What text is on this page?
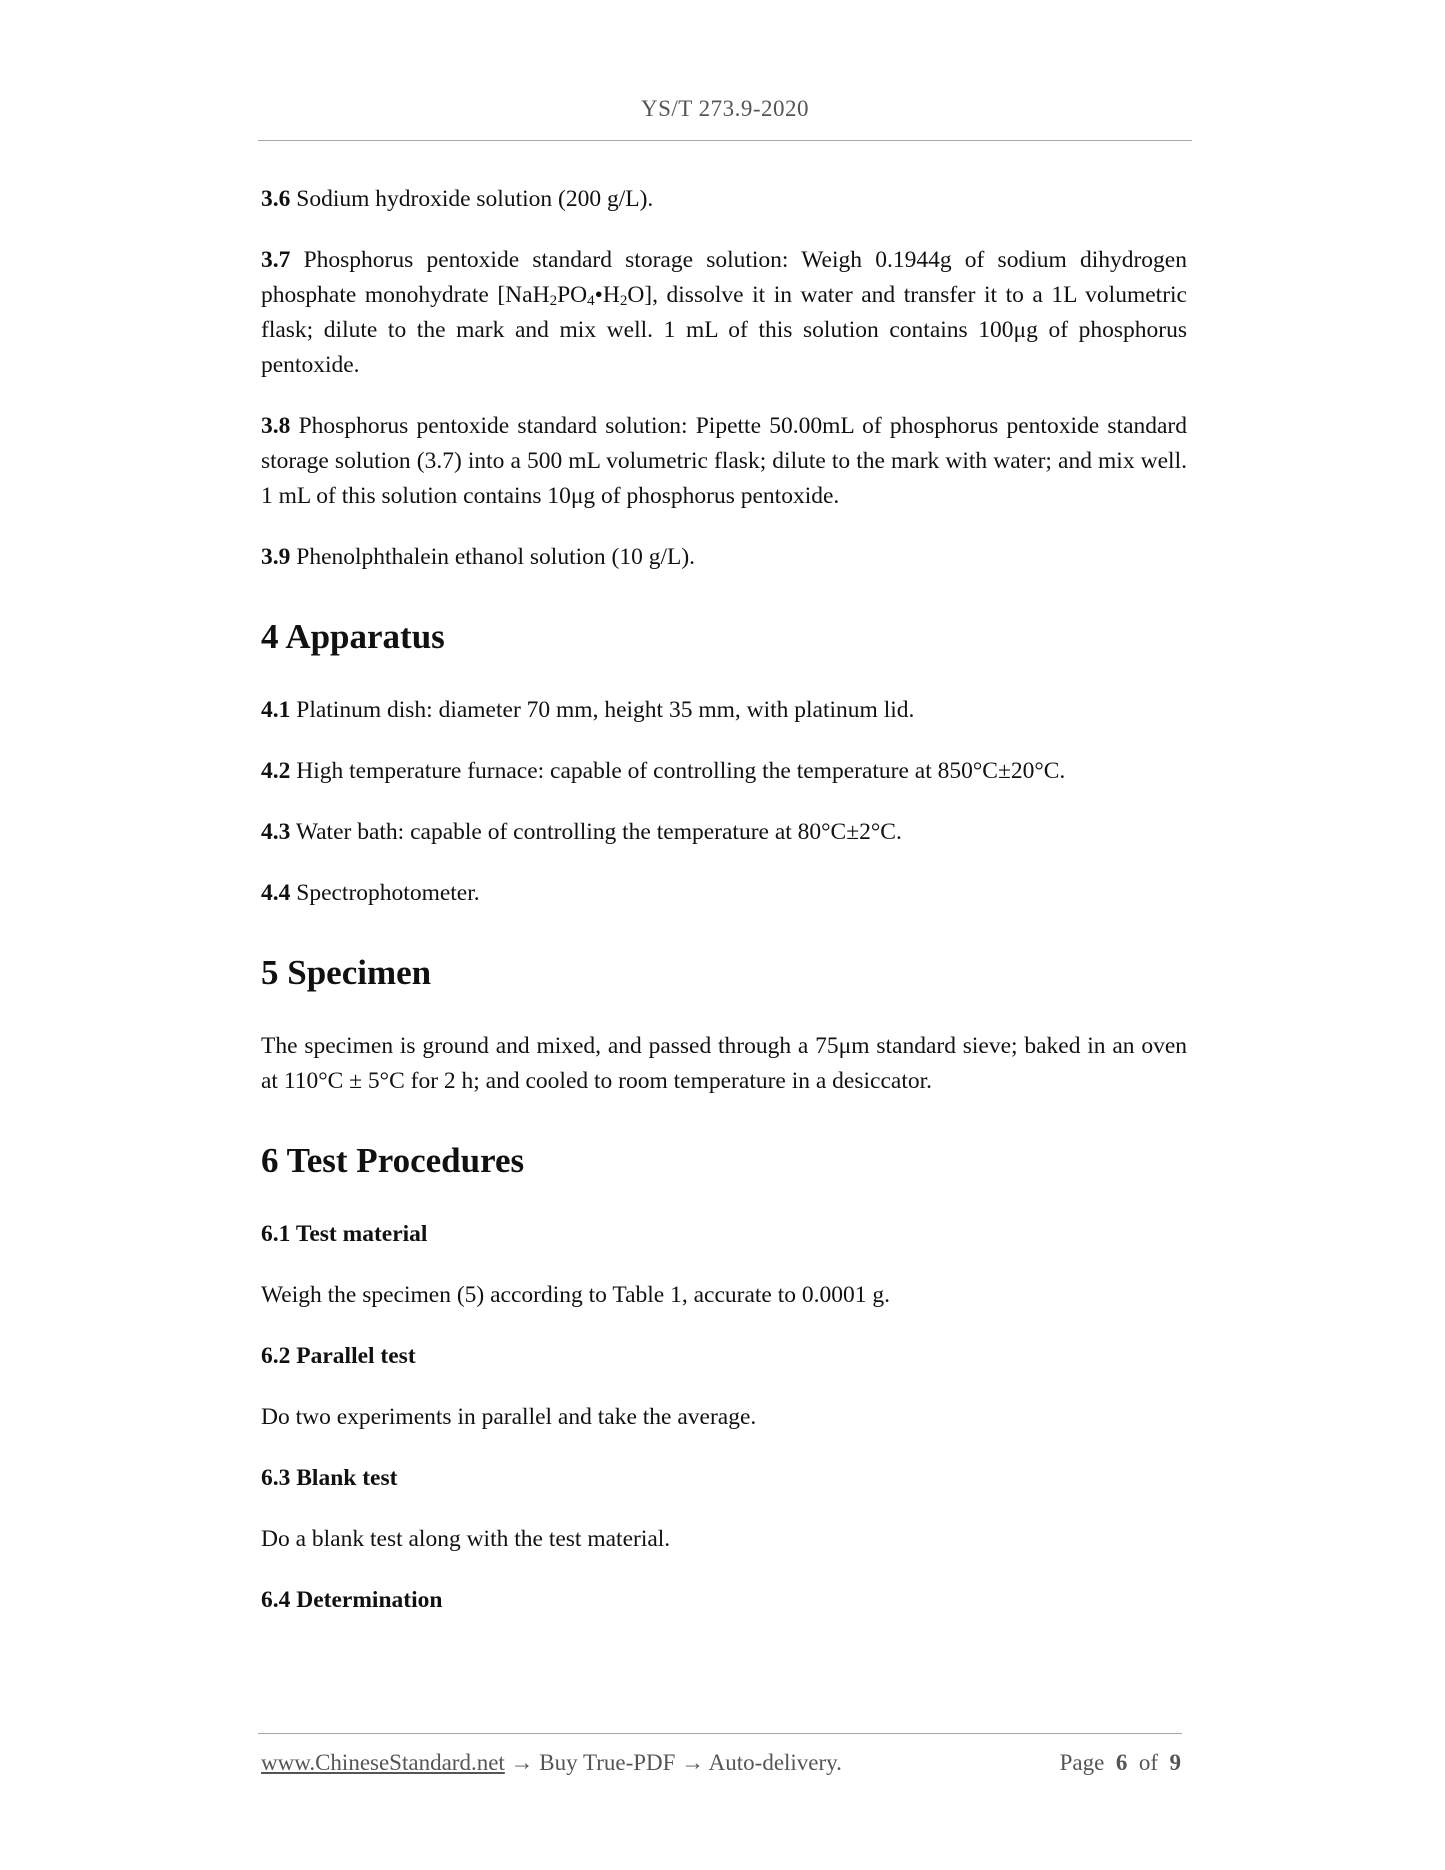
YS/T 273.9-2020

3.6 Sodium hydroxide solution (200 g/L).

3.7 Phosphorus pentoxide standard storage solution: Weigh 0.1944g of sodium dihydrogen phosphate monohydrate $[NaH_2PO_4•H_2O]$, dissolve it in water and transfer it to a 1L volumetric flask; dilute to the mark and mix well. 1 mL of this solution contains 100μg of phosphorus pentoxide.

3.8 Phosphorus pentoxide standard solution: Pipette 50.00mL of phosphorus pentoxide standard storage solution (3.7) into a 500 mL volumetric flask; dilute to the mark with water; and mix well. 1 mL of this solution contains 10μg of phosphorus pentoxide.

3.9 Phenolphthalein ethanol solution (10 g/L).

4 Apparatus

4.1 Platinum dish: diameter 70 mm, height 35 mm, with platinum lid.

4.2 High temperature furnace: capable of controlling the temperature at 850°C±20°C.

4.3 Water bath: capable of controlling the temperature at 80°C±2°C.

4.4 Spectrophotometer.

5 Specimen

The specimen is ground and mixed, and passed through a 75μm standard sieve; baked in an oven at 110°C ± 5°C for 2 h; and cooled to room temperature in a desiccator.

6 Test Procedures
6.1 Test material

Weigh the specimen (5) according to Table 1, accurate to 0.0001 g.

6.2 Parallel test

Do two experiments in parallel and take the average.

6.3 Blank test

Do a blank test along with the test material.

6.4 Determination
www.ChineseStandard.net → Buy True-PDF → Auto-delivery.	Page 6 of 9
